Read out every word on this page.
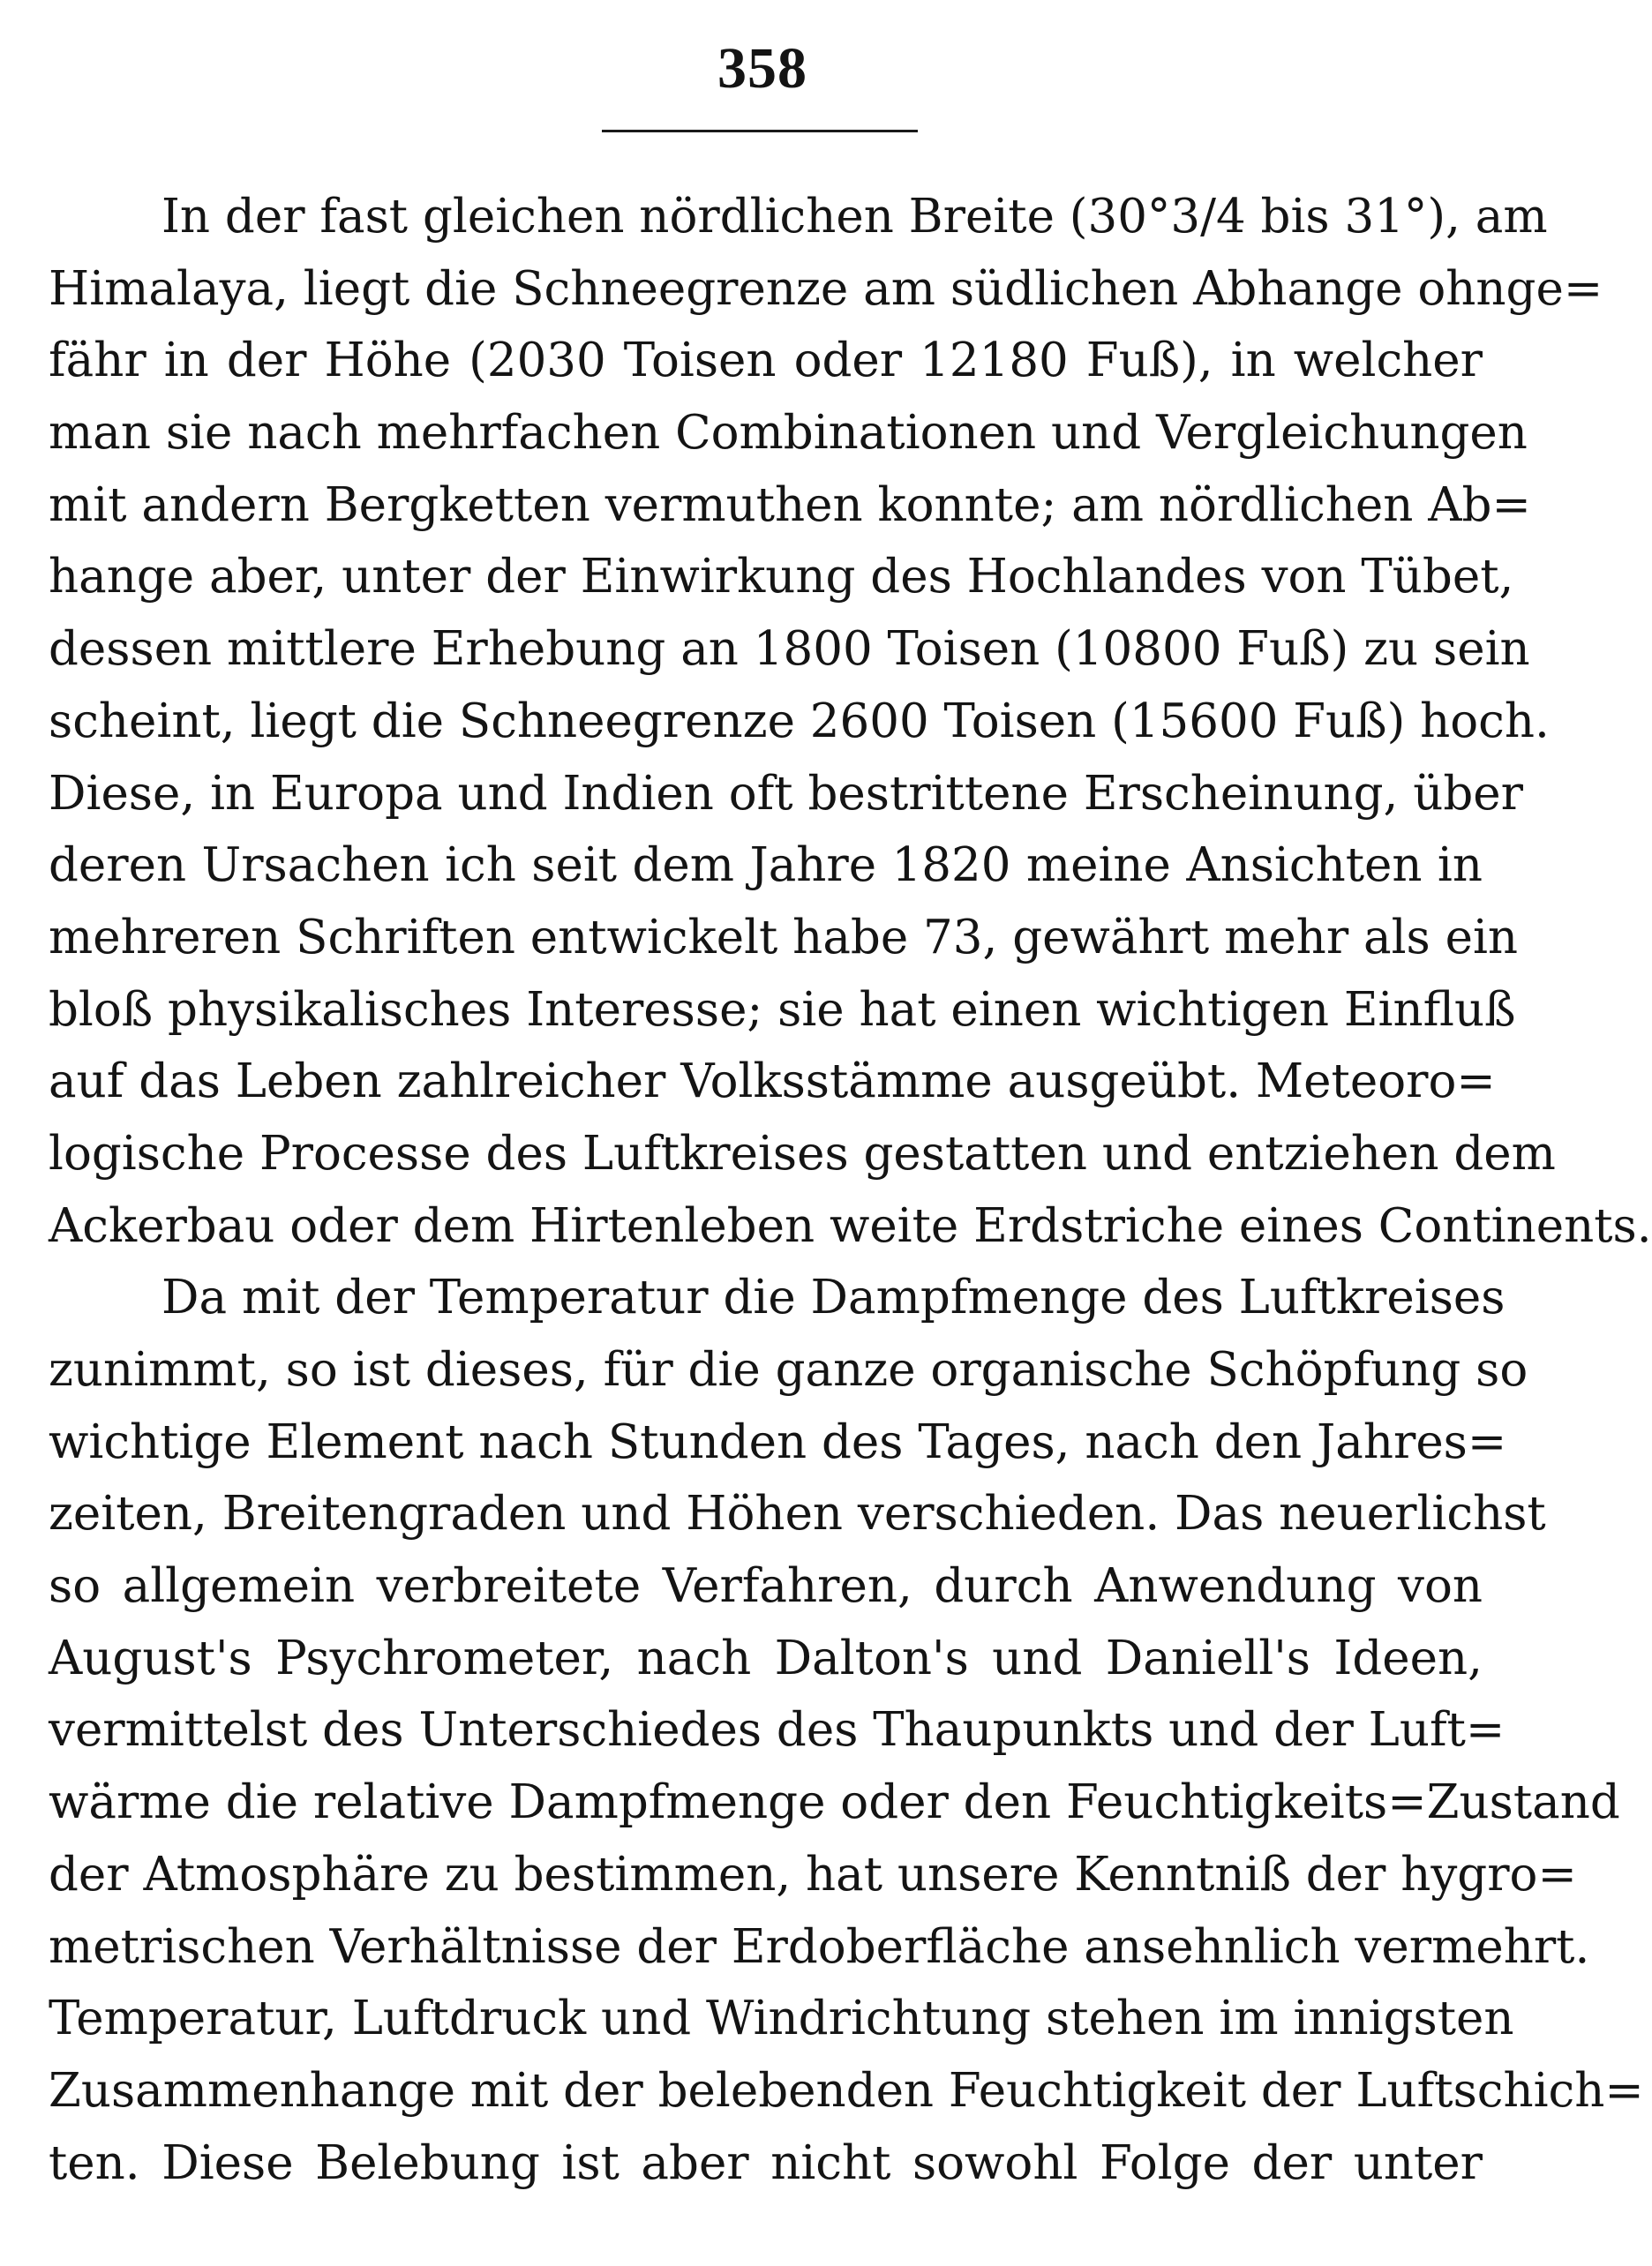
358
In der fast gleichen nördlichen Breite (30°3/4 bis 31°), am
Himalaya, liegt die Schneegrenze am südlichen Abhange ohnge=
fähr in der Höhe (2030 Toisen oder 12180 Fuß), in welcher
man sie nach mehrfachen Combinationen und Vergleichungen
mit andern Bergketten vermuthen konnte; am nördlichen Ab=
hange aber, unter der Einwirkung des Hochlandes von Tübet,
dessen mittlere Erhebung an 1800 Toisen (10800 Fuß) zu sein
scheint, liegt die Schneegrenze 2600 Toisen (15600 Fuß) hoch.
Diese, in Europa und Indien oft bestrittene Erscheinung, über
deren Ursachen ich seit dem Jahre 1820 meine Ansichten in
mehreren Schriften entwickelt habe 73, gewährt mehr als ein
bloß physikalisches Interesse; sie hat einen wichtigen Einfluß
auf das Leben zahlreicher Volksstämme ausgeübt. Meteoro=
logische Processe des Luftkreises gestatten und entziehen dem
Ackerbau oder dem Hirtenleben weite Erdstriche eines Continents.
Da mit der Temperatur die Dampfmenge des Luftkreises
zunimmt, so ist dieses, für die ganze organische Schöpfung so
wichtige Element nach Stunden des Tages, nach den Jahres=
zeiten, Breitengraden und Höhen verschieden. Das neuerlichst
so allgemein verbreitete Verfahren, durch Anwendung von
August's Psychrometer, nach Dalton's und Daniell's Ideen,
vermittelst des Unterschiedes des Thaupunkts und der Luft=
wärme die relative Dampfmenge oder den Feuchtigkeits=Zustand
der Atmosphäre zu bestimmen, hat unsere Kenntniß der hygro=
metrischen Verhältnisse der Erdoberfläche ansehnlich vermehrt.
Temperatur, Luftdruck und Windrichtung stehen im innigsten
Zusammenhange mit der belebenden Feuchtigkeit der Luftschich=
ten. Diese Belebung ist aber nicht sowohl Folge der unter
